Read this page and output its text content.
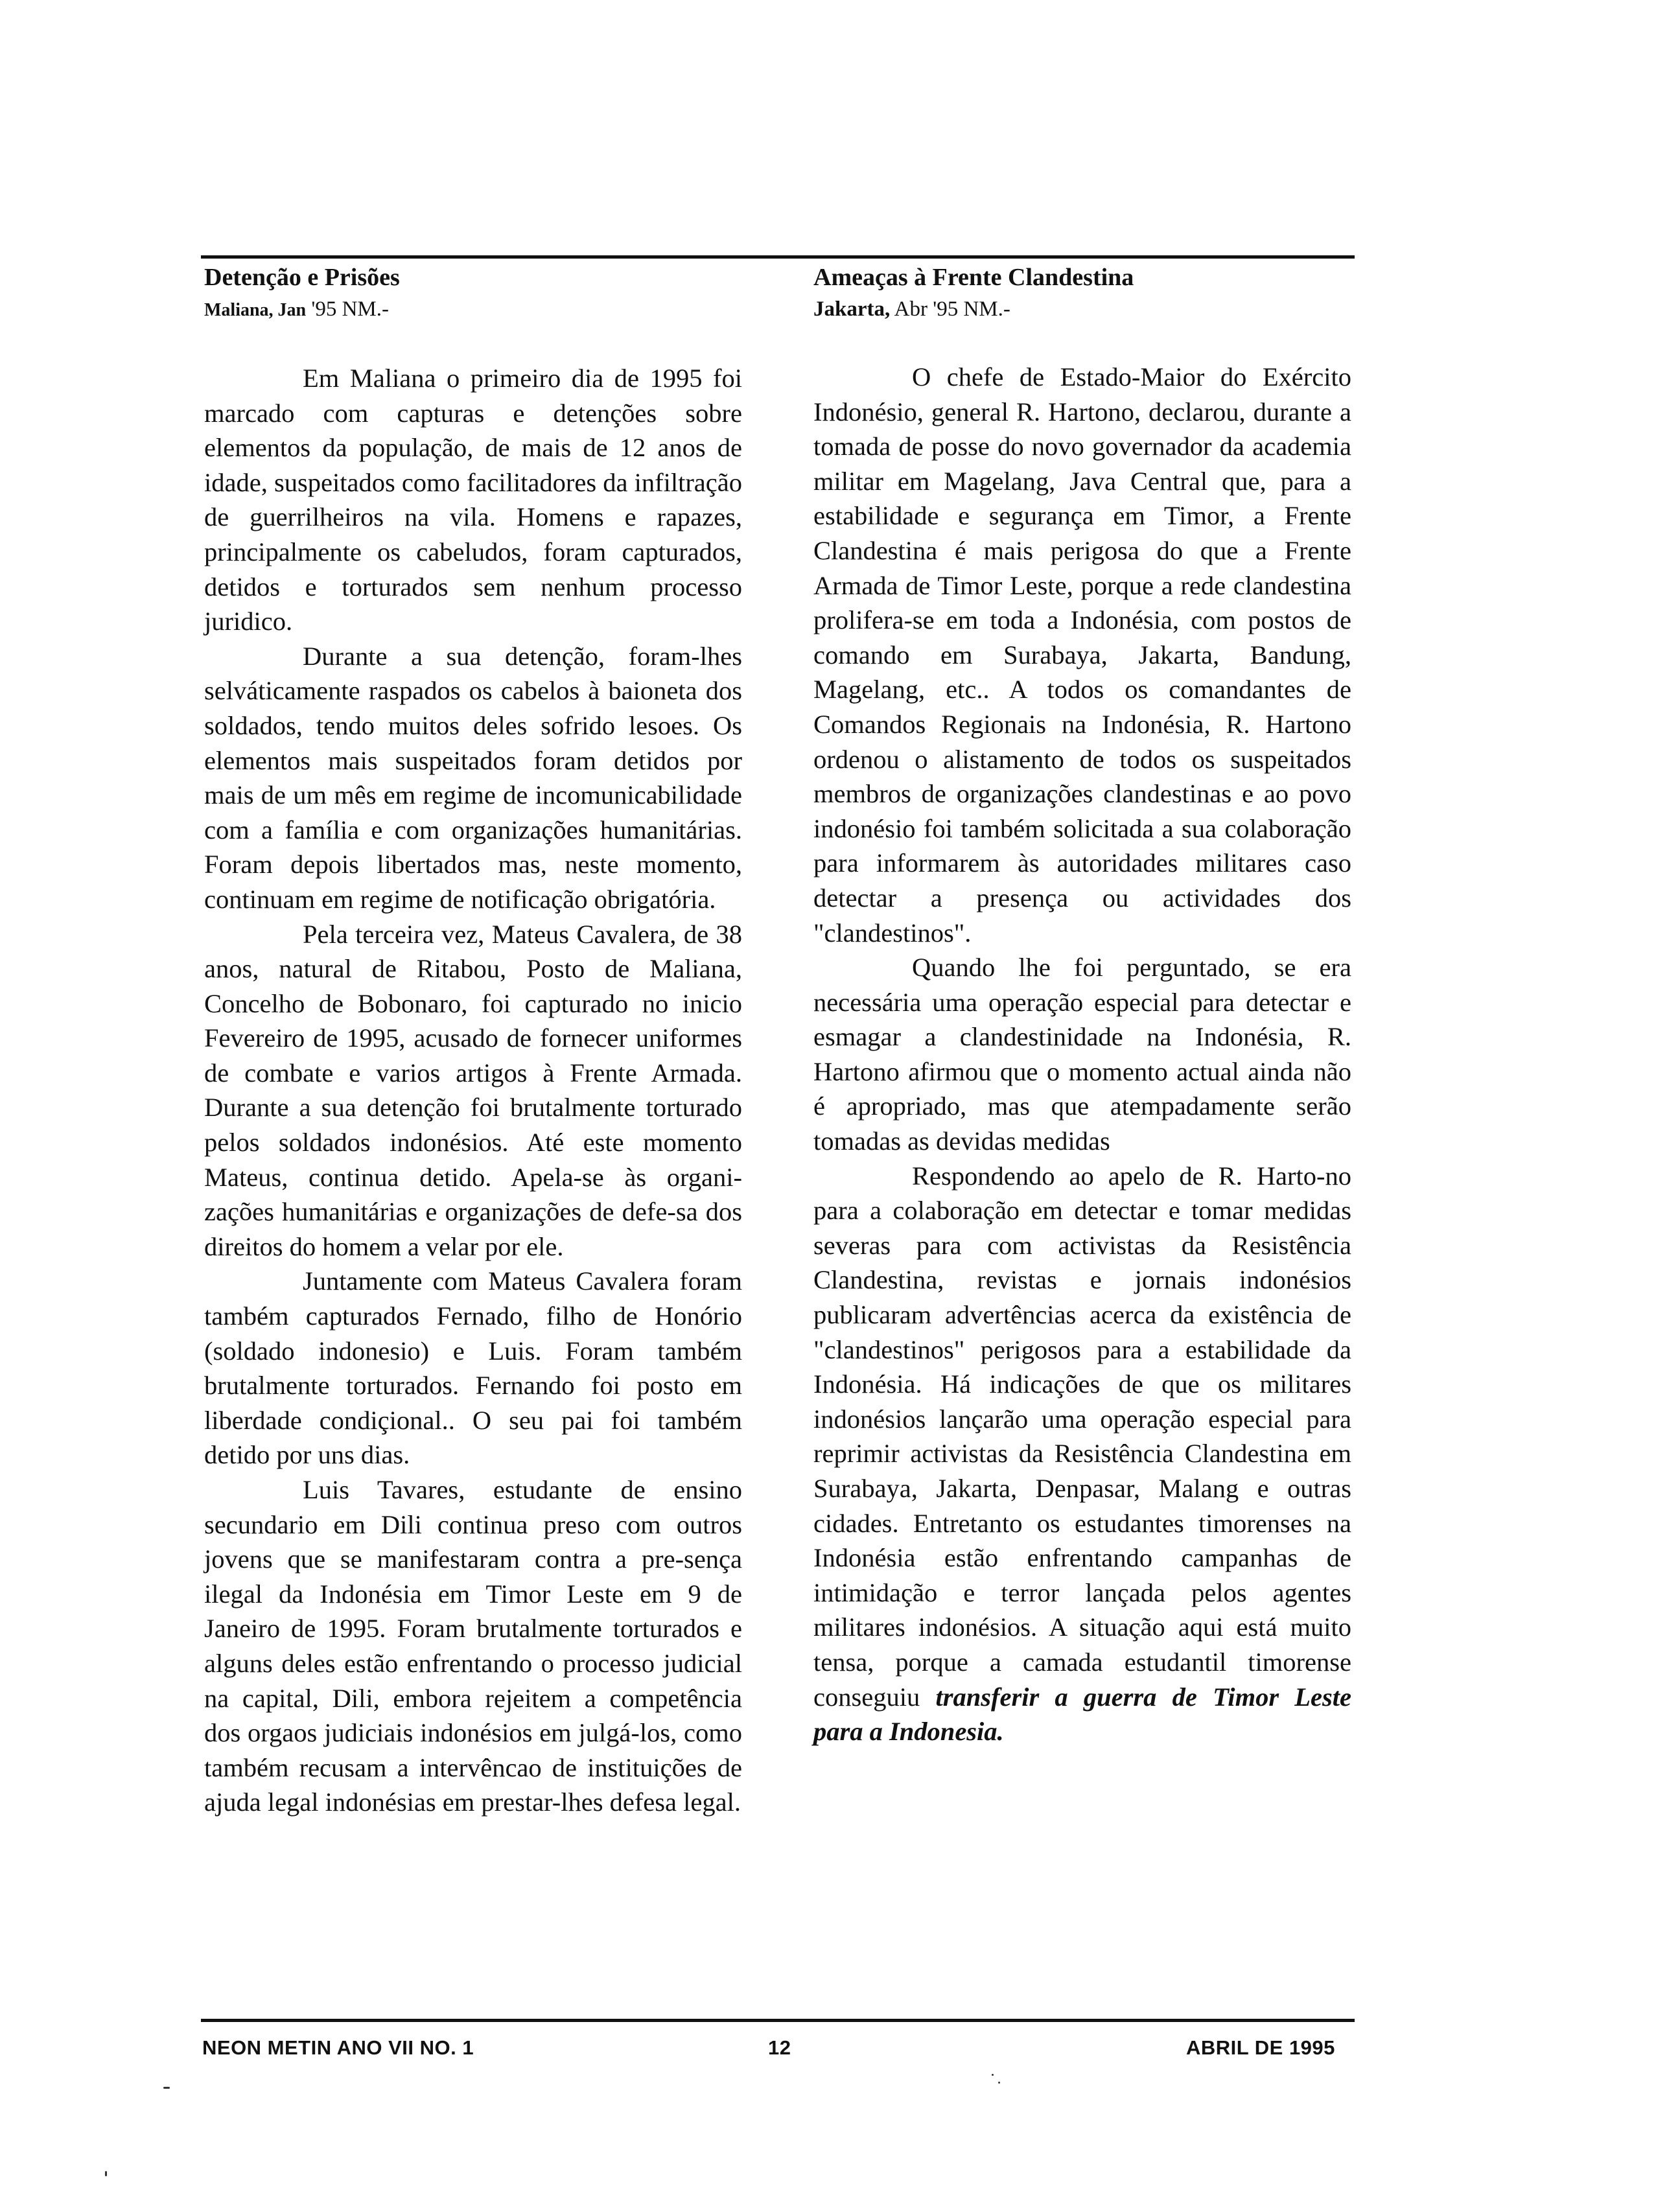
Detenção e Prisões
Maliana, Jan '95 NM.-

Em Maliana o primeiro dia de 1995 foi marcado com capturas e detenções sobre elementos da população, de mais de 12 anos de idade, suspeitados como facilitadores da infiltração de guerrilheiros na vila. Homens e rapazes, principalmente os cabeludos, foram capturados, detidos e torturados sem nenhum processo juridico.

Durante a sua detenção, foram-lhes selváticamente raspados os cabelos à baioneta dos soldados, tendo muitos deles sofrido lesoes. Os elementos mais suspeitados foram detidos por mais de um mês em regime de incomunicabilidade com a família e com organizações humanitárias. Foram depois libertados mas, neste momento, continuam em regime de notificação obrigatória.

Pela terceira vez, Mateus Cavalera, de 38 anos, natural de Ritabou, Posto de Maliana, Concelho de Bobonaro, foi capturado no inicio Fevereiro de 1995, acusado de fornecer uniformes de combate e varios artigos à Frente Armada. Durante a sua detenção foi brutalmente torturado pelos soldados indonésios. Até este momento Mateus, continua detido. Apela-se às organi-zações humanitárias e organizações de defe-sa dos direitos do homem a velar por ele.

Juntamente com Mateus Cavalera foram também capturados Fernado, filho de Honório (soldado indonesio) e Luis. Foram também brutalmente torturados. Fernando foi posto em liberdade condiçional.. O seu pai foi também detido por uns dias.

Luis Tavares, estudante de ensino secundario em Dili continua preso com outros jovens que se manifestaram contra a pre-sença ilegal da Indonésia em Timor Leste em 9 de Janeiro de 1995. Foram brutalmente torturados e alguns deles estão enfrentando o processo judicial na capital, Dili, embora rejeitem a competência dos orgaos judiciais indonésios em julgá-los, como também recusam a intervêncao de instituições de ajuda legal indonésias em prestar-lhes defesa legal.

Ameaças à Frente Clandestina
Jakarta, Abr '95 NM.-

O chefe de Estado-Maior do Exército Indonésio, general R. Hartono, declarou, durante a tomada de posse do novo governador da academia militar em Magelang, Java Central que, para a estabilidade e segurança em Timor, a Frente Clandestina é mais perigosa do que a Frente Armada de Timor Leste, porque a rede clandestina prolifera-se em toda a Indonésia, com postos de comando em Surabaya, Jakarta, Bandung, Magelang, etc.. A todos os comandantes de Comandos Regionais na Indonésia, R. Hartono ordenou o alistamento de todos os suspeitados membros de organizações clandestinas e ao povo indonésio foi também solicitada a sua colaboração para informarem às autoridades militares caso detectar a presença ou actividades dos "clandestinos".

Quando lhe foi perguntado, se era necessária uma operação especial para detectar e esmagar a clandestinidade na Indonésia, R. Hartono afirmou que o momento actual ainda não é apropriado, mas que atempadamente serão tomadas as devidas medidas

Respondendo ao apelo de R. Harto-no para a colaboração em detectar e tomar medidas severas para com activistas da Resistência Clandestina, revistas e jornais indonésios publicaram advertências acerca da existência de "clandestinos" perigosos para a estabilidade da Indonésia. Há indicações de que os militares indonésios lançarão uma operação especial para reprimir activistas da Resistência Clandestina em Surabaya, Jakarta, Denpasar, Malang e outras cidades. Entretanto os estudantes timorenses na Indonésia estão enfrentando campanhas de intimidação e terror lançada pelos agentes militares indonésios. A situação aqui está muito tensa, porque a camada estudantil timorense conseguiu transferir a guerra de Timor Leste para a Indonesia.

NEON METIN ANO VII NO. 1	12	ABRIL DE 1995
